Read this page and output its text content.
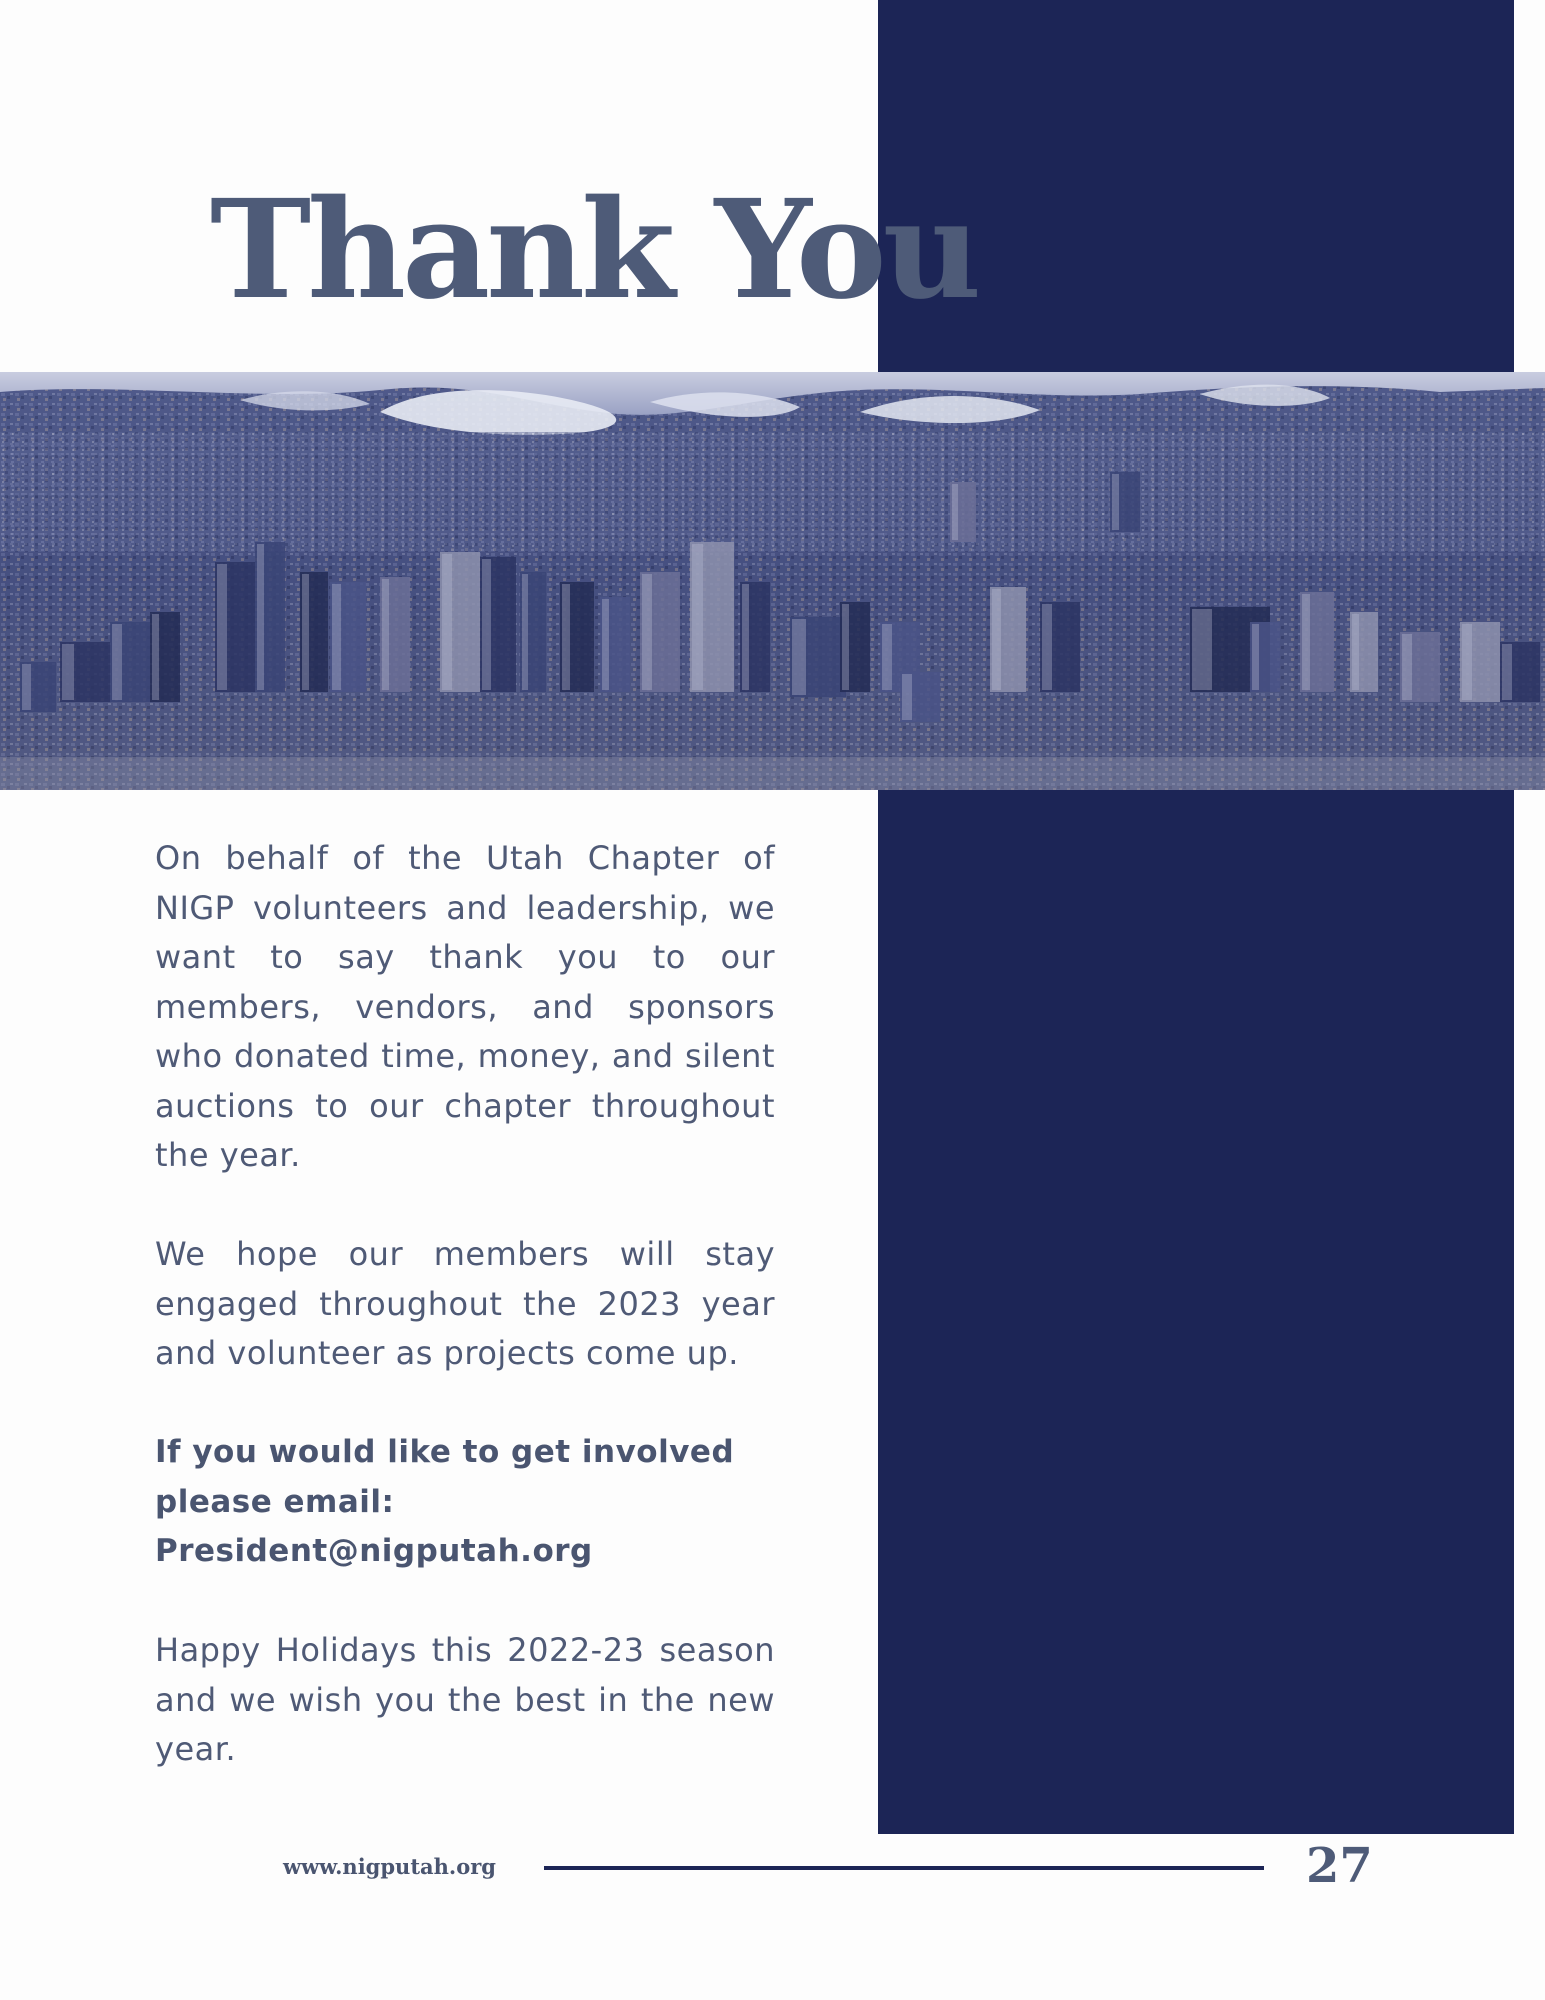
Thank You

On behalf of the Utah Chapter of NIGP volunteers and leadership, we want to say thank you to our members, vendors, and sponsors who donated time, money, and silent auctions to our chapter throughout the year.

We hope our members will stay engaged throughout the 2023 year and volunteer as projects come up.

If you would like to get involved please email: President@nigputah.org

Happy Holidays this 2022-23 season and we wish you the best in the new year.

www.nigputah.org	27
